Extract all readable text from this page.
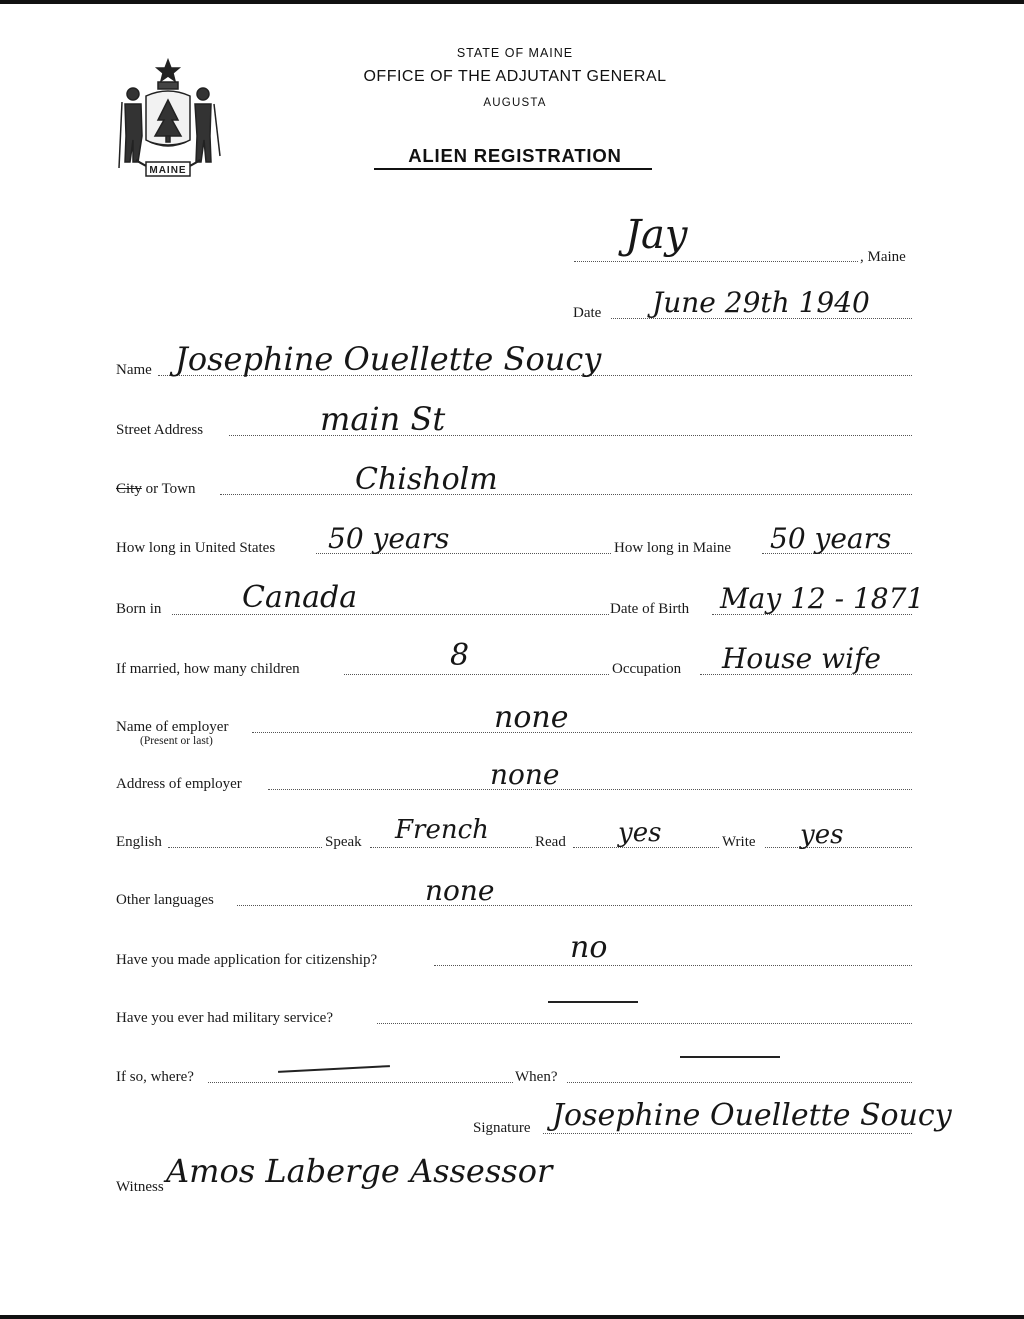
MAINE
STATE OF MAINE
OFFICE OF THE ADJUTANT GENERAL
AUGUSTA
ALIEN REGISTRATION
Jay	, Maine
Date June 29th 1940
Name Josephine Ouellette Soucy
Street Address	main St
City or Town	Chisholm
How long in United States 50 years	How long in Maine 50 years
Born in	Canada	Date of Birth May 12 - 1871
If married, how many children	8	Occupation House wife
Name of employer
(Present or last)
none
Address of employer	none
English	Speak French	Read yes	Write yes
Other languages	none
Have you made application for citizenship?	no
Have you ever had military service?
If so, where?	When?
Signature Josephine Ouellette Soucy
Witness Amos Laberge Assessor
